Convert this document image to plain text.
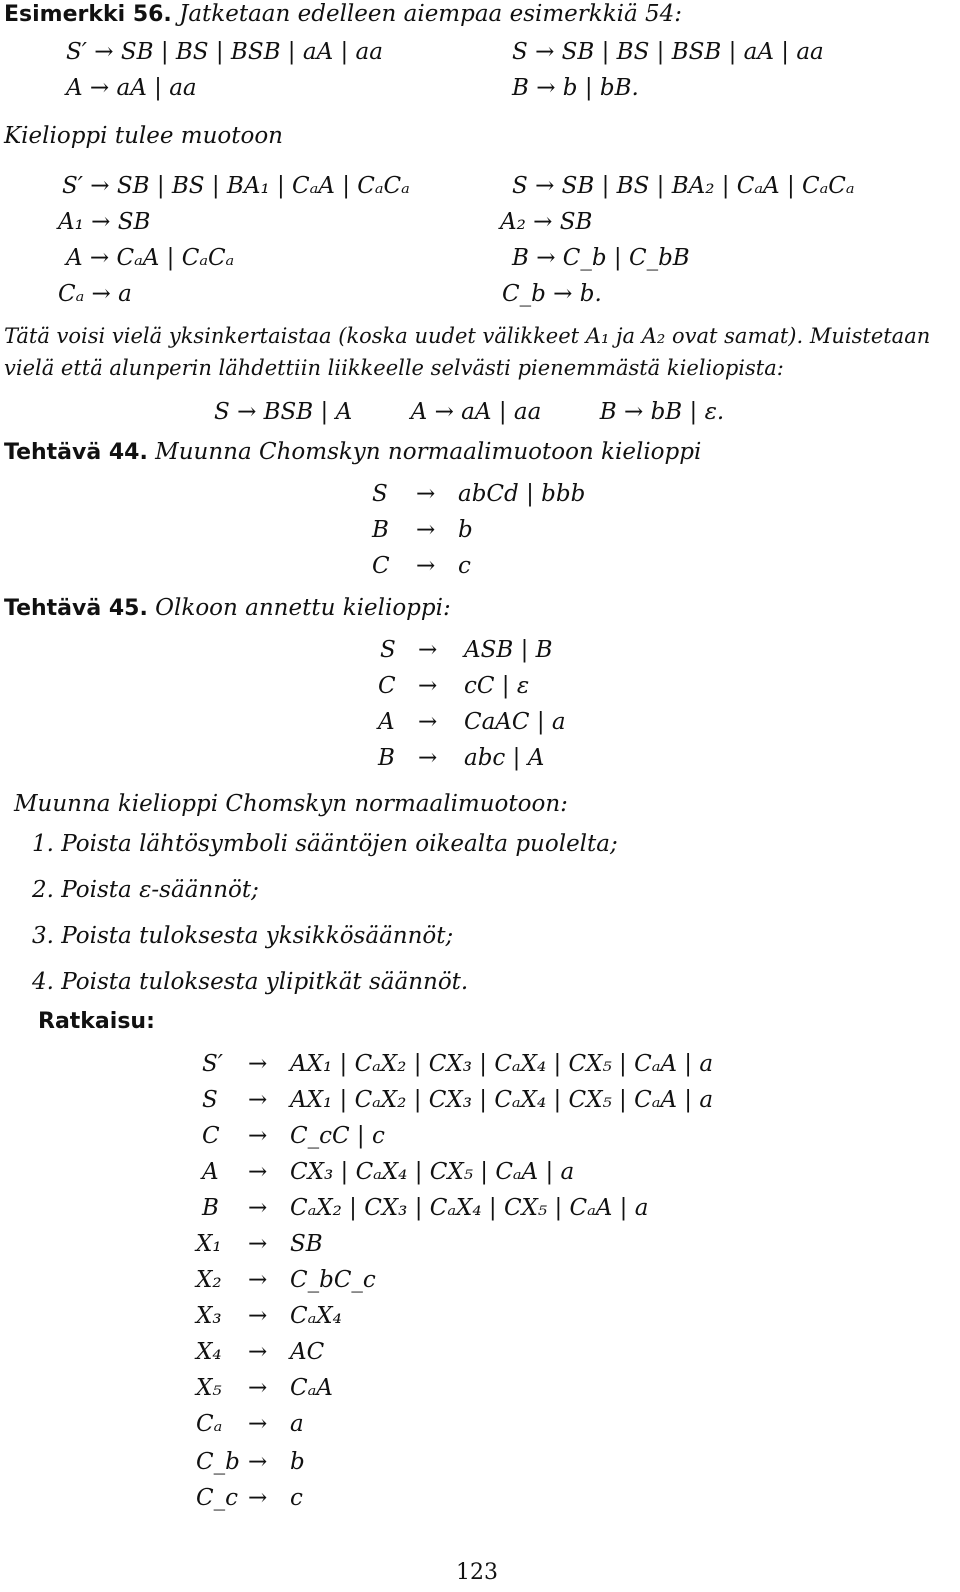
Esimerkki 56. Jatketaan edelleen aiempaa esimerkkiä 54:
S′ → SB | BS | BSB | aA | aa	S → SB | BS | BSB | aA | aa
A → aA | aa	B → b | bB.
Kielioppi tulee muotoon
S′ → SB | BS | BA₁ | CₐA | CₐCₐ	S → SB | BS | BA₂ | CₐA | CₐCₐ
A₁ → SB	A₂ → SB
A → CₐA | CₐCₐ	B → C_b | C_bB
Cₐ → a	C_b → b.
Tätä voisi vielä yksinkertaistaa (koska uudet välikkeet A₁ ja A₂ ovat samat). Muistetaan
vielä että alunperin lähdettiin liikkeelle selvästi pienemmästä kieliopista:
S → BSB | A        A → aA | aa        B → bB | ε.
Tehtävä 44. Muunna Chomskyn normaalimuotoon kielioppi
S → abCd | bbb
B → b
C → c
Tehtävä 45. Olkoon annettu kielioppi:
S → ASB | B
C → cC | ε
A → CaAC | a
B → abc | A
Muunna kielioppi Chomskyn normaalimuotoon:
1. Poista lähtösymboli sääntöjen oikealta puolelta;
2. Poista ε-säännöt;
3. Poista tuloksesta yksikkösäännöt;
4. Poista tuloksesta ylipitkät säännöt.
Ratkaisu:
S′ → AX₁ | CₐX₂ | CX₃ | CₐX₄ | CX₅ | CₐA | a
S → AX₁ | CₐX₂ | CX₃ | CₐX₄ | CX₅ | CₐA | a
C → C_cC | c
A → CX₃ | CₐX₄ | CX₅ | CₐA | a
B → CₐX₂ | CX₃ | CₐX₄ | CX₅ | CₐA | a
X₁ → SB
X₂ → C_bC_c
X₃ → CₐX₄
X₄ → AC
X₅ → CₐA
Cₐ → a
C_b → b
C_c → c
123
